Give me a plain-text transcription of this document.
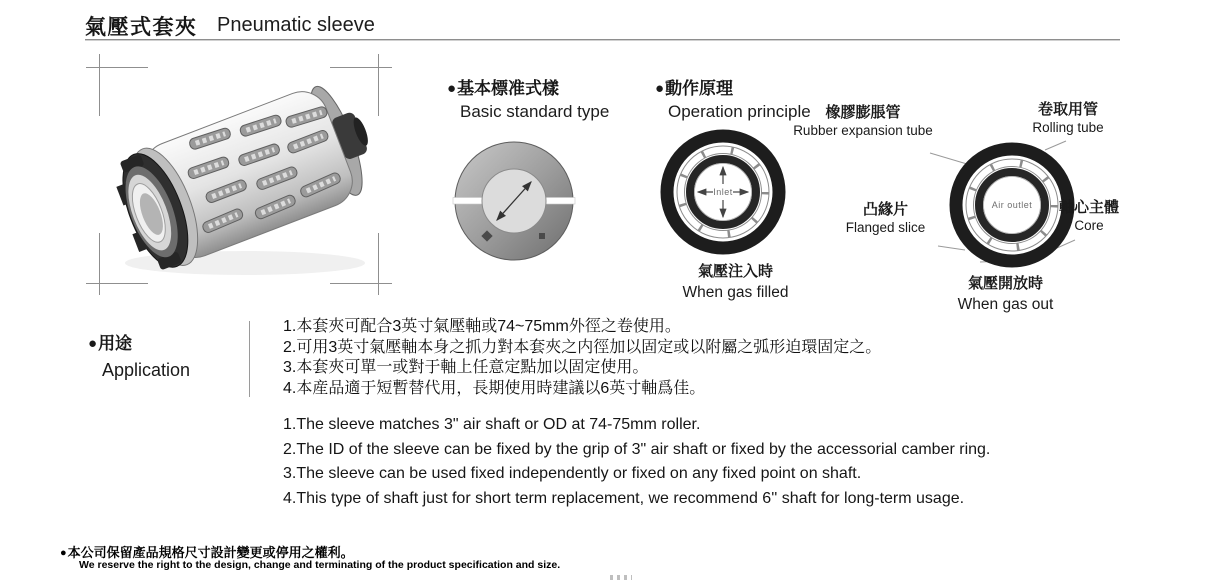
氣壓式套夾 Pneumatic sleeve
●基本標准式樣
Basic standard type
●動作原理
Operation principle
Inlet
Air outlet
橡膠膨脹管
Rubber expansion tube
卷取用管
Rolling tube
凸緣片
Flanged slice
軸心主體
Core
氣壓注入時
When gas filled
氣壓開放時
When gas out
●用途
Application
1.本套夾可配合3英寸氣壓軸或74~75mm外徑之卷使用。
2.可用3英寸氣壓軸本身之抓力對本套夾之内徑加以固定或以附屬之弧形迫環固定之。
3.本套夾可單一或對于軸上任意定點加以固定使用。
4.本産品適于短暫替代用，長期使用時建議以6英寸軸爲佳。
1.The sleeve matches 3" air shaft or OD at 74-75mm roller.
2.The ID of the sleeve can be fixed by the grip of 3" air shaft or fixed by the accessorial camber ring.
3.The sleeve can be used fixed independently or fixed on any fixed point on shaft.
4.This type of shaft just for short term replacement, we recommend 6'' shaft for long-term usage.
●本公司保留產品規格尺寸設計變更或停用之權利。
We reserve the right to the design, change and terminating of the product specification and size.
